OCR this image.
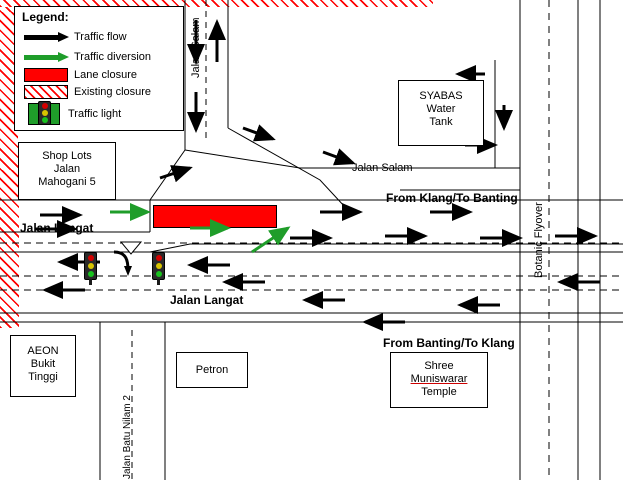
Legend:
Traffic flow
Traffic diversion
Lane closure
Existing closure
Traffic light
Shop Lots
Jalan
Mahogani 5
SYABAS
Water
Tank
AEON
Bukit
Tinggi
Petron	Shree
Muniswarar
Temple
Jalan Salam
Jalan Salam
Jalan Langat
Jalan Langat
Botanic Flyover
Jalan Batu Nilam 2
From Klang/To Banting
From Banting/To Klang
